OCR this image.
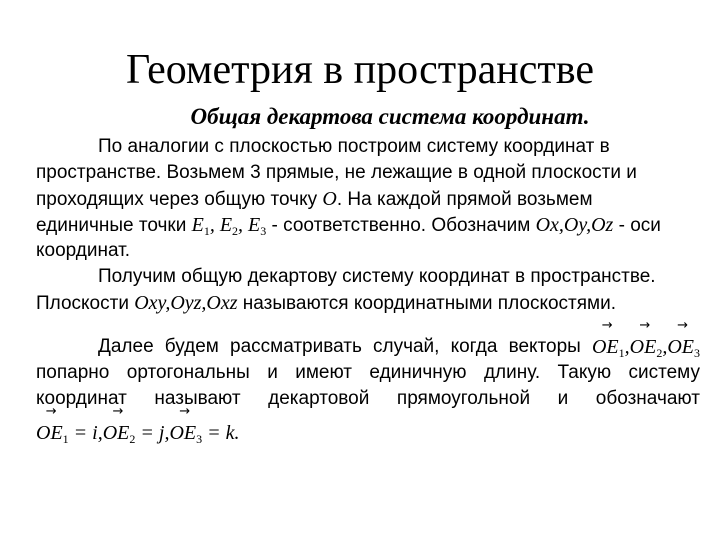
Геометрия в пространстве
Общая декартова система координат.
По аналогии с плоскостью построим систему координат в
пространстве. Возьмем 3 прямые, не лежащие в одной плоскости и
проходящих через общую точку O. На каждой прямой возьмем
единичные точки $E_1$, $E_2$, $E_3$ - соответственно. Обозначим Ox,Oy,Oz - оси
координат.
Получим общую декартову систему координат в пространстве.
Плоскости Oxy,Oyz,Oxz называются координатными плоскостями.
Далее будем рассматривать случай, когда векторы
→ $OE_1,\to OE_2,\to OE_3$
попарно ортогональны и имеют единичную длину. Такую систему
координат называют декартовой прямоугольной и обозначают
→ $OE_1 = i,\to OE_2 = j,\to OE_3 = k$.
